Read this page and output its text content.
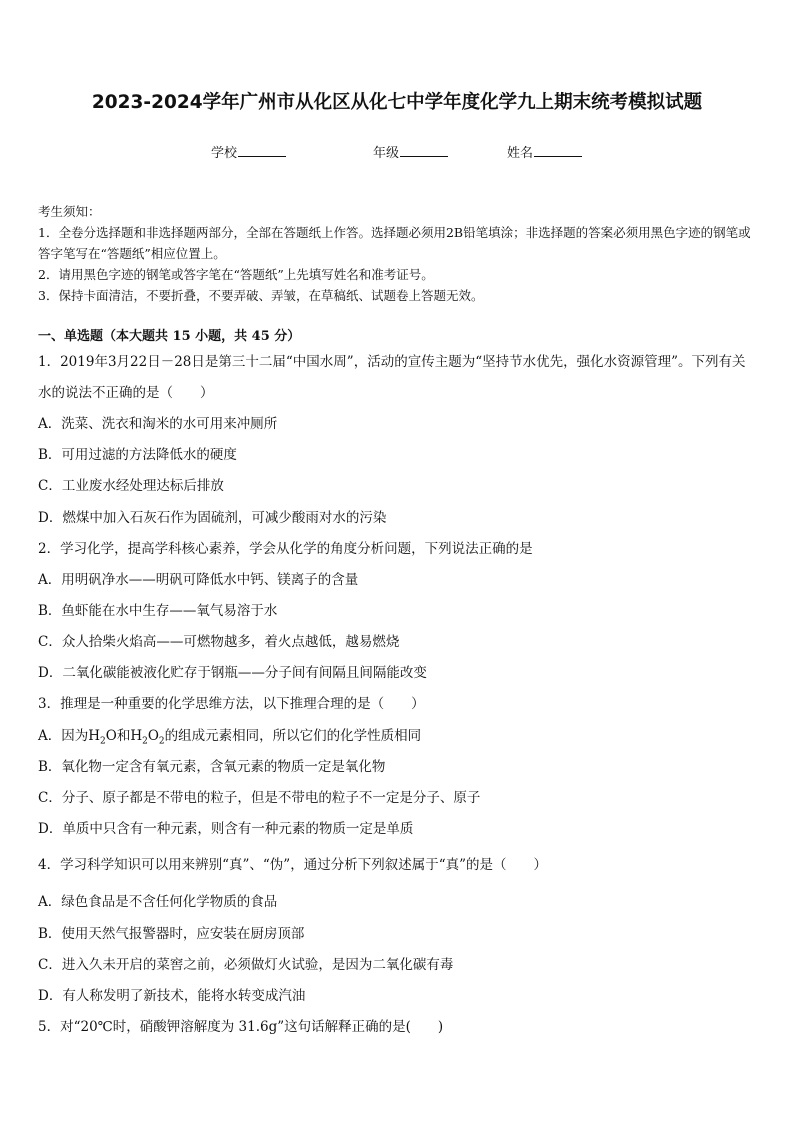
2023-2024学年广州市从化区从化七中学年度化学九上期末统考模拟试题
学校	年级	姓名
考生须知：
1．全卷分选择题和非选择题两部分，全部在答题纸上作答。选择题必须用2B铅笔填涂；非选择题的答案必须用黑色字迹的钢笔或答字笔写在“答题纸”相应位置上。
2．请用黑色字迹的钢笔或答字笔在“答题纸”上先填写姓名和准考证号。
3．保持卡面清洁，不要折叠，不要弄破、弄皱，在草稿纸、试题卷上答题无效。
一、单选题（本大题共 15 小题，共 45 分）
1．2019年3月22日－28日是第三十二届“中国水周”，活动的宣传主题为“坚持节水优先，强化水资源管理”。下列有关水的说法不正确的是（　　）
A．洗菜、洗衣和淘米的水可用来冲厕所
B．可用过滤的方法降低水的硬度
C．工业废水经处理达标后排放
D．燃煤中加入石灰石作为固硫剂，可减少酸雨对水的污染
2．学习化学，提高学科核心素养，学会从化学的角度分析问题，下列说法正确的是
A．用明矾净水——明矾可降低水中钙、镁离子的含量
B．鱼虾能在水中生存——氧气易溶于水
C．众人拾柴火焰高——可燃物越多，着火点越低，越易燃烧
D．二氧化碳能被液化贮存于钢瓶——分子间有间隔且间隔能改变
3．推理是一种重要的化学思维方法，以下推理合理的是（　　）
A．因为$H_2O$和$H_2O_2$的组成元素相同，所以它们的化学性质相同
B．氧化物一定含有氧元素，含氧元素的物质一定是氧化物
C．分子、原子都是不带电的粒子，但是不带电的粒子不一定是分子、原子
D．单质中只含有一种元素，则含有一种元素的物质一定是单质
4．学习科学知识可以用来辨别“真”、“伪”，通过分析下列叙述属于“真”的是（　　）
A．绿色食品是不含任何化学物质的食品
B．使用天然气报警器时，应安装在厨房顶部
C．进入久未开启的菜窖之前，必须做灯火试验，是因为二氧化碳有毒
D．有人称发明了新技术，能将水转变成汽油
5．对“20℃时，硝酸钾溶解度为 31.6g”这句话解释正确的是(　　)
